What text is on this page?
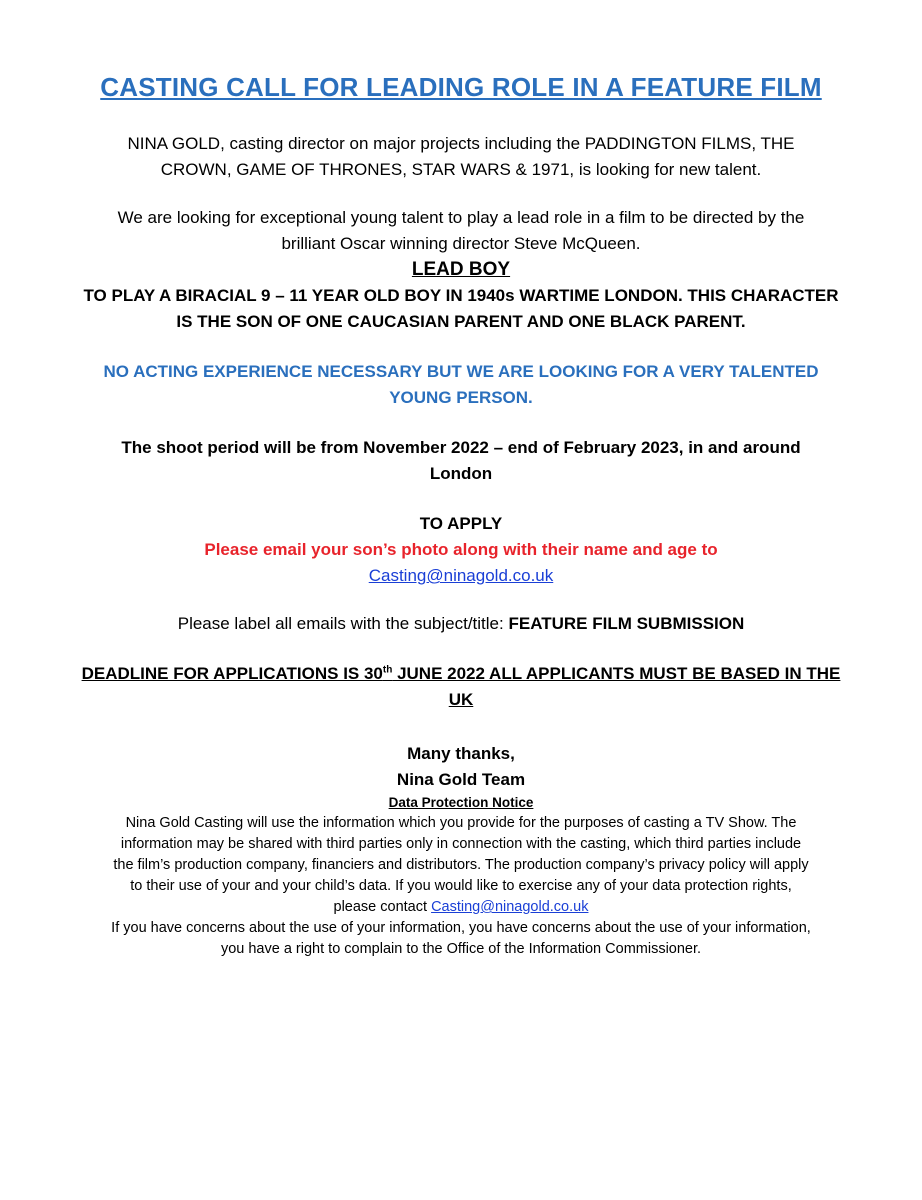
CASTING CALL FOR LEADING ROLE IN A FEATURE FILM

NINA GOLD, casting director on major projects including the PADDINGTON FILMS, THE
CROWN, GAME OF THRONES, STAR WARS & 1971, is looking for new talent.

We are looking for exceptional young talent to play a lead role in a film to be directed by the
brilliant Oscar winning director Steve McQueen.

LEAD BOY

TO PLAY A BIRACIAL 9 – 11 YEAR OLD BOY IN 1940s WARTIME LONDON. THIS CHARACTER
IS THE SON OF ONE CAUCASIAN PARENT AND ONE BLACK PARENT.

NO ACTING EXPERIENCE NECESSARY BUT WE ARE LOOKING FOR A VERY TALENTED
YOUNG PERSON.

The shoot period will be from November 2022 – end of February 2023, in and around
London

TO APPLY

Please email your son’s photo along with their name and age to

Casting@ninagold.co.uk

Please label all emails with the subject/title: FEATURE FILM SUBMISSION

DEADLINE FOR APPLICATIONS IS 30th JUNE 2022 ALL APPLICANTS MUST BE BASED IN THE
UK

Many thanks,
Nina Gold Team

Data Protection Notice

Nina Gold Casting will use the information which you provide for the purposes of casting a TV Show. The
information may be shared with third parties only in connection with the casting, which third parties include
the film’s production company, financiers and distributors. The production company’s privacy policy will apply
to their use of your and your child’s data. If you would like to exercise any of your data protection rights,
please contact Casting@ninagold.co.uk
If you have concerns about the use of your information, you have concerns about the use of your information,
you have a right to complain to the Office of the Information Commissioner.
